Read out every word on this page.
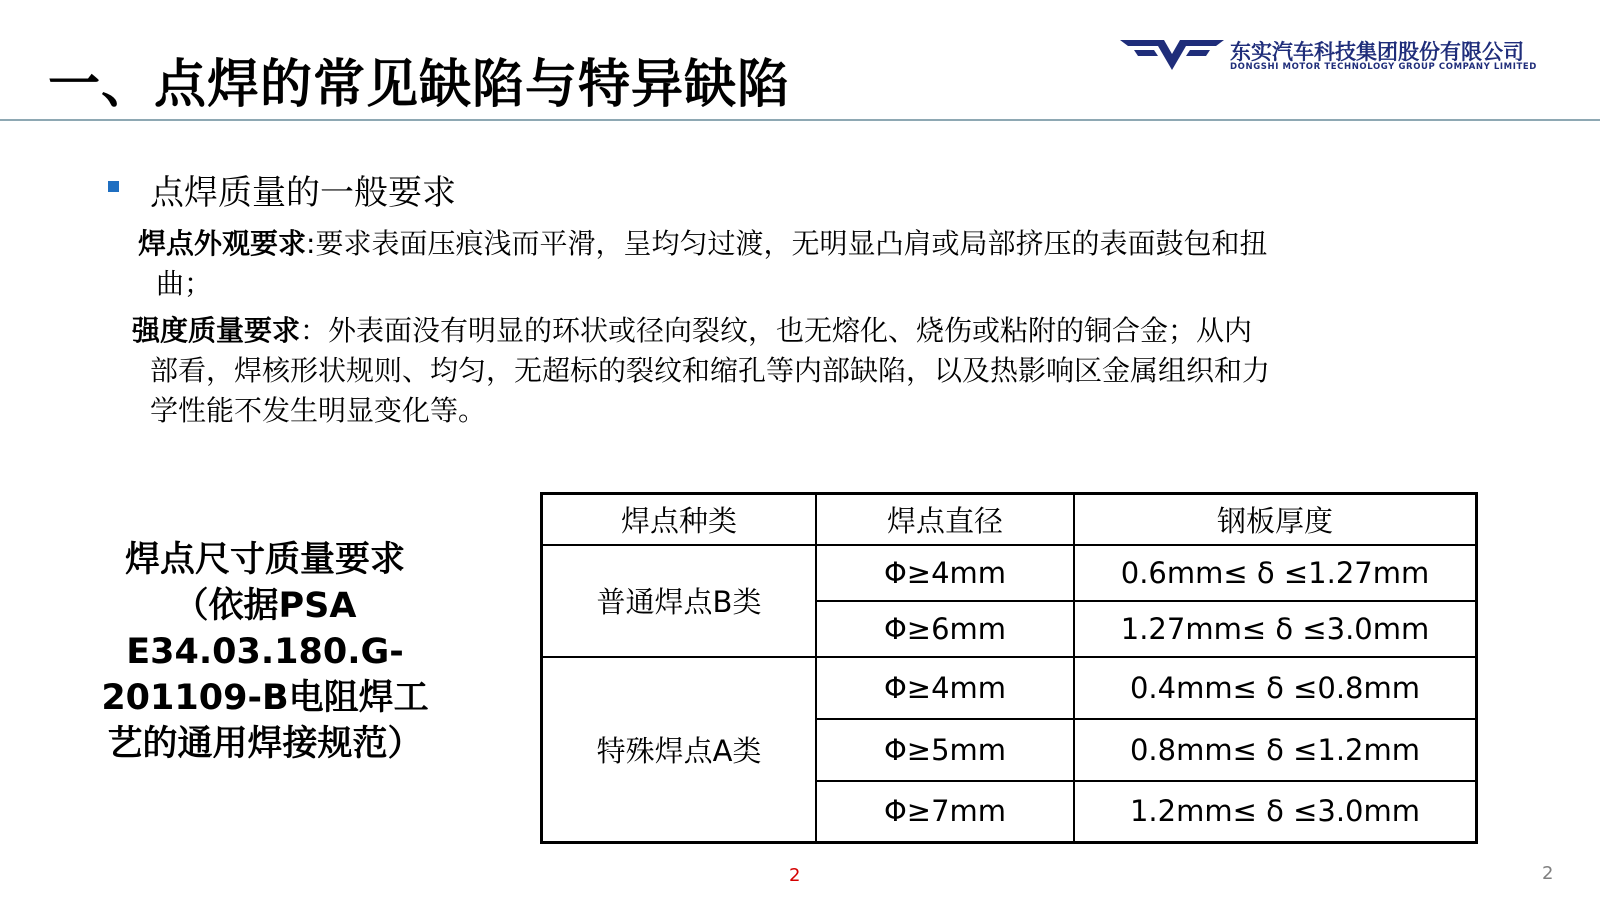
一、点焊的常见缺陷与特异缺陷
东实汽车科技集团股份有限公司
DONGSHI MOTOR TECHNOLOGY GROUP COMPANY LIMITED
点焊质量的一般要求
焊点外观要求:要求表面压痕浅而平滑，呈均匀过渡，无明显凸肩或局部挤压的表面鼓包和扭
曲；
强度质量要求：外表面没有明显的环状或径向裂纹，也无熔化、烧伤或粘附的铜合金；从内
部看，焊核形状规则、均匀，无超标的裂纹和缩孔等内部缺陷，以及热影响区金属组织和力
学性能不发生明显变化等。
焊点尺寸质量要求
（依据PSA
E34.03.180.G-
201109-B电阻焊工
艺的通用焊接规范）
焊点种类	焊点直径	钢板厚度
普通焊点B类	Φ≥4mm	0.6mm≤ δ ≤1.27mm
	Φ≥6mm	1.27mm≤ δ ≤3.0mm
特殊焊点A类	Φ≥4mm	0.4mm≤ δ ≤0.8mm
	Φ≥5mm	0.8mm≤ δ ≤1.2mm
	Φ≥7mm	1.2mm≤ δ ≤3.0mm
2	2
